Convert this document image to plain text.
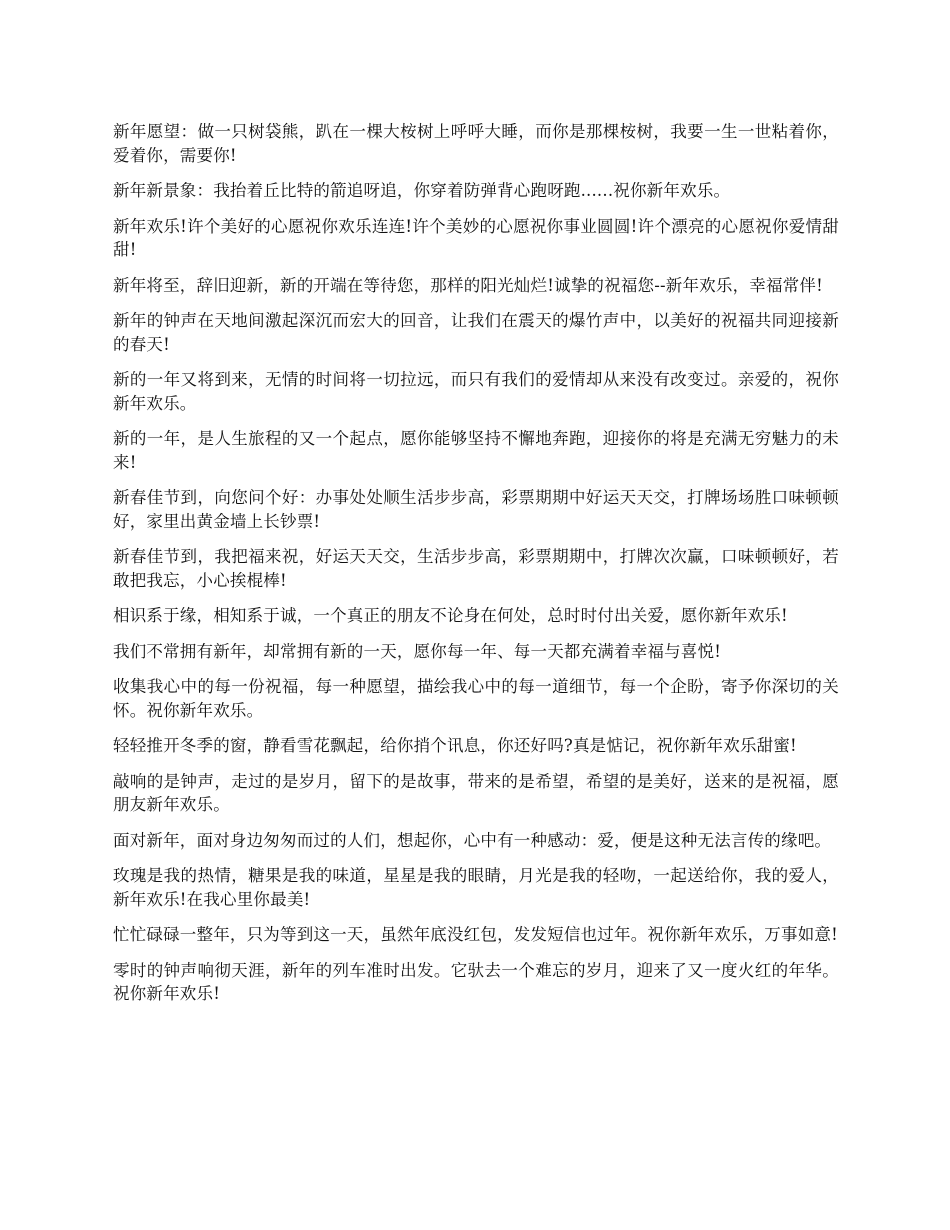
新年愿望：做一只树袋熊，趴在一棵大桉树上呼呼大睡，而你是那棵桉树，我要一生一世粘着你，爱着你，需要你!

新年新景象：我抬着丘比特的箭追呀追，你穿着防弹背心跑呀跑......祝你新年欢乐。

新年欢乐!许个美好的心愿祝你欢乐连连!许个美妙的心愿祝你事业圆圆!许个漂亮的心愿祝你爱情甜甜!

新年将至，辞旧迎新，新的开端在等待您，那样的阳光灿烂!诚挚的祝福您--新年欢乐，幸福常伴!

新年的钟声在天地间激起深沉而宏大的回音，让我们在震天的爆竹声中，以美好的祝福共同迎接新的春天!

新的一年又将到来，无情的时间将一切拉远，而只有我们的爱情却从来没有改变过。亲爱的，祝你新年欢乐。

新的一年，是人生旅程的又一个起点，愿你能够坚持不懈地奔跑，迎接你的将是充满无穷魅力的未来!

新春佳节到，向您问个好：办事处处顺生活步步高，彩票期期中好运天天交，打牌场场胜口味顿顿好，家里出黄金墙上长钞票!

新春佳节到，我把福来祝，好运天天交，生活步步高，彩票期期中，打牌次次赢，口味顿顿好，若敢把我忘，小心挨棍棒!

相识系于缘，相知系于诚，一个真正的朋友不论身在何处，总时时付出关爱，愿你新年欢乐!

我们不常拥有新年，却常拥有新的一天，愿你每一年、每一天都充满着幸福与喜悦!

收集我心中的每一份祝福，每一种愿望，描绘我心中的每一道细节，每一个企盼，寄予你深切的关怀。祝你新年欢乐。

轻轻推开冬季的窗，静看雪花飘起，给你捎个讯息，你还好吗?真是惦记，祝你新年欢乐甜蜜!

敲响的是钟声，走过的是岁月，留下的是故事，带来的是希望，希望的是美好，送来的是祝福，愿朋友新年欢乐。

面对新年，面对身边匆匆而过的人们，想起你，心中有一种感动：爱，便是这种无法言传的缘吧。

玫瑰是我的热情，糖果是我的味道，星星是我的眼睛，月光是我的轻吻，一起送给你，我的爱人，新年欢乐!在我心里你最美!

忙忙碌碌一整年，只为等到这一天，虽然年底没红包，发发短信也过年。祝你新年欢乐，万事如意!

零时的钟声响彻天涯，新年的列车准时出发。它驮去一个难忘的岁月，迎来了又一度火红的年华。祝你新年欢乐!
